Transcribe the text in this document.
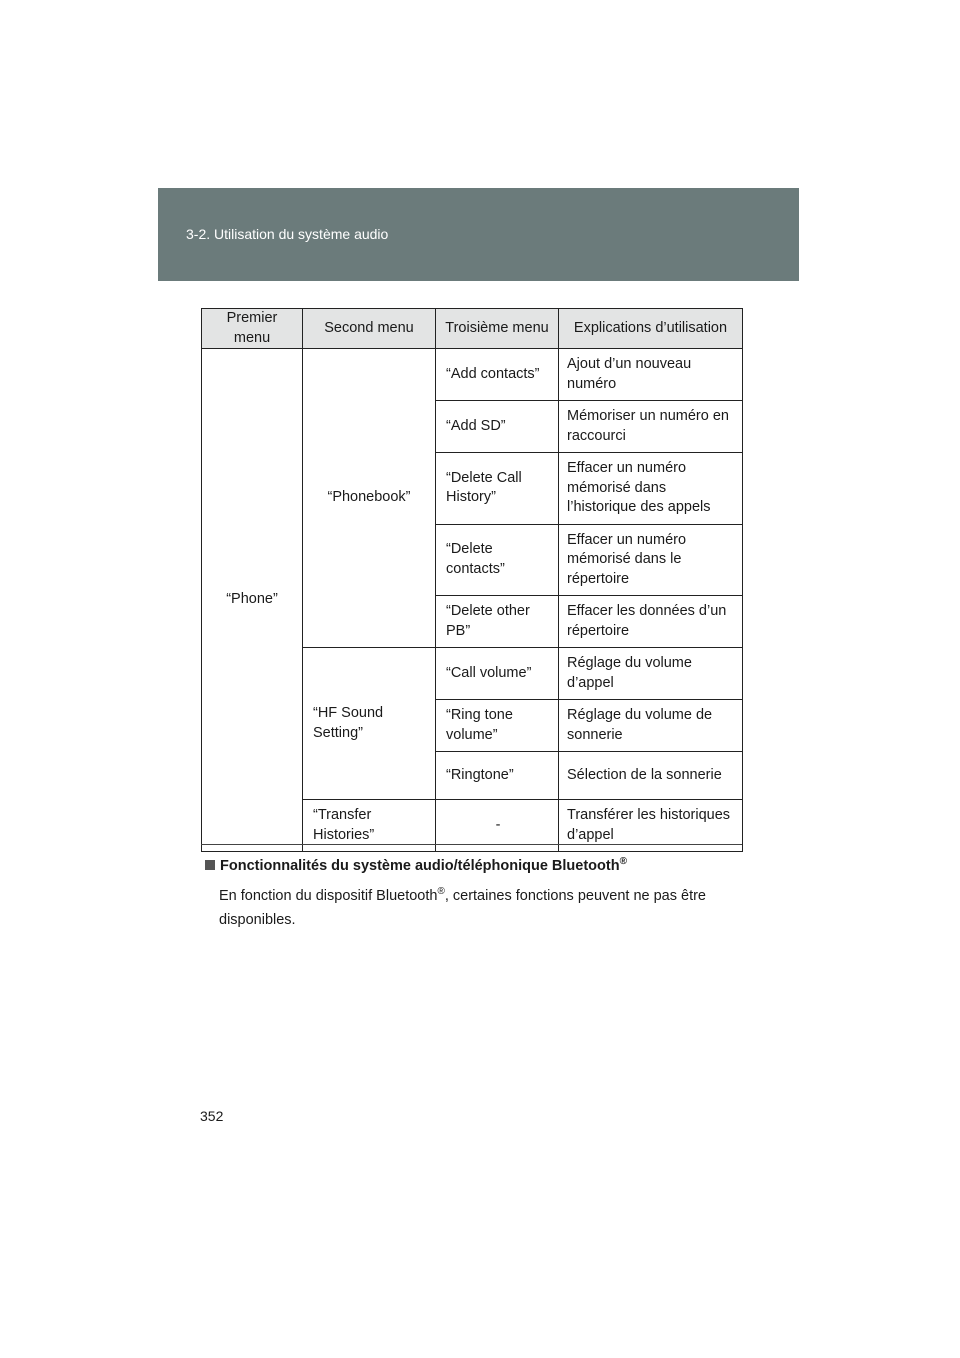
3-2. Utilisation du système audio
Premier menu	Second menu	Troisième menu	Explications d’utilisation
“Phone”	“Phonebook”	“Add contacts”	Ajout d’un nouveau numéro
		“Add SD”	Mémoriser un numéro en raccourci
		“Delete Call History”	Effacer un numéro mémorisé dans l’historique des appels
		“Delete contacts”	Effacer un numéro mémorisé dans le répertoire
		“Delete other PB”	Effacer les données d’un répertoire
	“HF Sound Setting”	“Call volume”	Réglage du volume d’appel
		“Ring tone volume”	Réglage du volume de sonnerie
		“Ringtone”	Sélection de la sonnerie
	“Transfer Histories”	-	Transférer les historiques d’appel
Fonctionnalités du système audio/téléphonique Bluetooth®
En fonction du dispositif Bluetooth®, certaines fonctions peuvent ne pas être disponibles.
352
